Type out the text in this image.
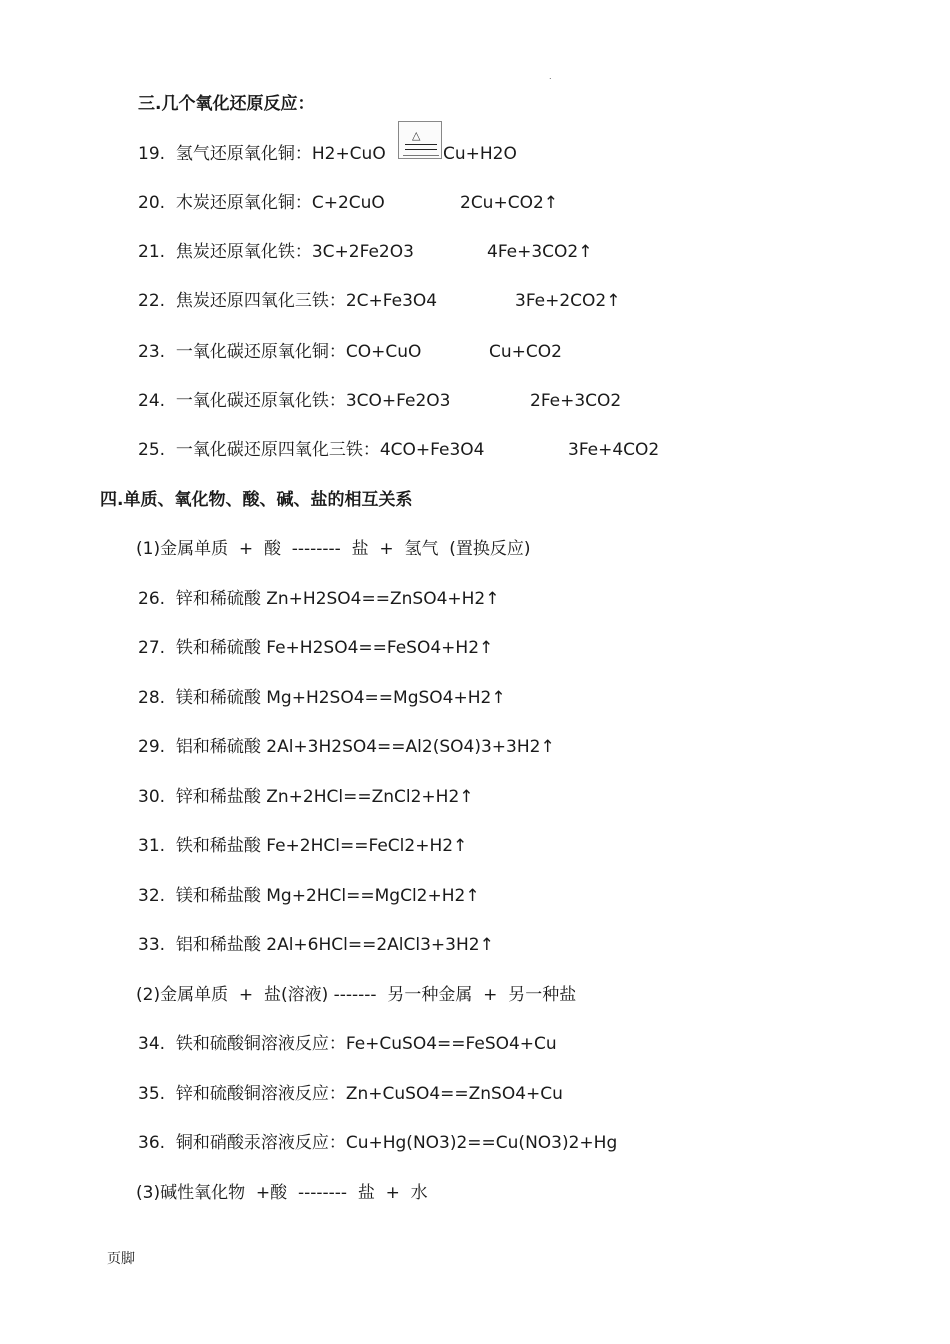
.
三.几个氧化还原反应：
19.  氢气还原氧化铜：H2+CuO
△
Cu+H2O
20.  木炭还原氧化铜：C+2CuO	2Cu+CO2↑
21.  焦炭还原氧化铁：3C+2Fe2O3	4Fe+3CO2↑
22.  焦炭还原四氧化三铁：2C+Fe3O4	3Fe+2CO2↑
23.  一氧化碳还原氧化铜：CO+CuO	Cu+CO2
24.  一氧化碳还原氧化铁：3CO+Fe2O3	2Fe+3CO2
25.  一氧化碳还原四氧化三铁：4CO+Fe3O4	3Fe+4CO2
四.单质、氧化物、酸、碱、盐的相互关系
(1)金属单质  +  酸  --------  盐  +  氢气  (置换反应)
26.  锌和稀硫酸 Zn+H2SO4==ZnSO4+H2↑
27.  铁和稀硫酸 Fe+H2SO4==FeSO4+H2↑
28.  镁和稀硫酸 Mg+H2SO4==MgSO4+H2↑
29.  铝和稀硫酸 2Al+3H2SO4==Al2(SO4)3+3H2↑
30.  锌和稀盐酸 Zn+2HCl==ZnCl2+H2↑
31.  铁和稀盐酸 Fe+2HCl==FeCl2+H2↑
32.  镁和稀盐酸 Mg+2HCl==MgCl2+H2↑
33.  铝和稀盐酸 2Al+6HCl==2AlCl3+3H2↑
(2)金属单质  +  盐(溶液) -------  另一种金属  +  另一种盐
34.  铁和硫酸铜溶液反应：Fe+CuSO4==FeSO4+Cu
35.  锌和硫酸铜溶液反应：Zn+CuSO4==ZnSO4+Cu
36.  铜和硝酸汞溶液反应：Cu+Hg(NO3)2==Cu(NO3)2+Hg
(3)碱性氧化物  +酸  --------  盐  +  水
页脚
